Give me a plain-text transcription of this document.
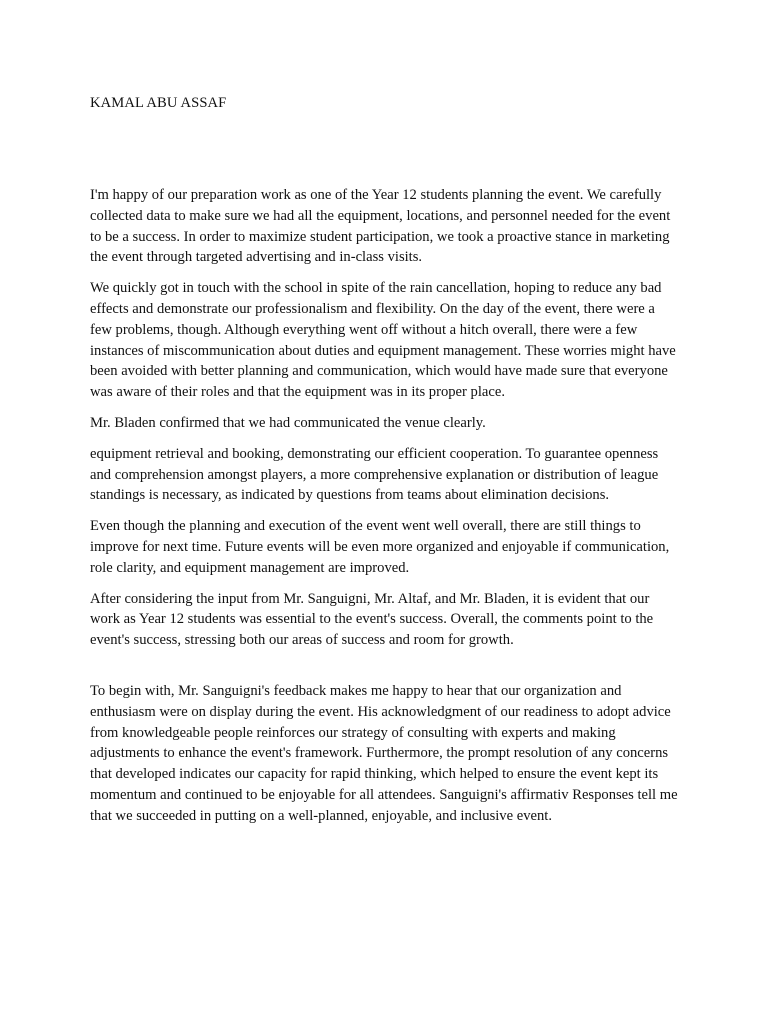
KAMAL ABU ASSAF

I'm happy of our preparation work as one of the Year 12 students planning the event. We carefully collected data to make sure we had all the equipment, locations, and personnel needed for the event to be a success. In order to maximize student participation, we took a proactive stance in marketing the event through targeted advertising and in-class visits.

We quickly got in touch with the school in spite of the rain cancellation, hoping to reduce any bad effects and demonstrate our professionalism and flexibility. On the day of the event, there were a few problems, though. Although everything went off without a hitch overall, there were a few instances of miscommunication about duties and equipment management. These worries might have been avoided with better planning and communication, which would have made sure that everyone was aware of their roles and that the equipment was in its proper place.

Mr. Bladen confirmed that we had communicated the venue clearly.

equipment retrieval and booking, demonstrating our efficient cooperation. To guarantee openness and comprehension amongst players, a more comprehensive explanation or distribution of league standings is necessary, as indicated by questions from teams about elimination decisions.

Even though the planning and execution of the event went well overall, there are still things to improve for next time. Future events will be even more organized and enjoyable if communication, role clarity, and equipment management are improved.

After considering the input from Mr. Sanguigni, Mr. Altaf, and Mr. Bladen, it is evident that our work as Year 12 students was essential to the event's success. Overall, the comments point to the event's success, stressing both our areas of success and room for growth.

To begin with, Mr. Sanguigni's feedback makes me happy to hear that our organization and enthusiasm were on display during the event. His acknowledgment of our readiness to adopt advice from knowledgeable people reinforces our strategy of consulting with experts and making adjustments to enhance the event's framework. Furthermore, the prompt resolution of any concerns that developed indicates our capacity for rapid thinking, which helped to ensure the event kept its momentum and continued to be enjoyable for all attendees. Sanguigni's affirmativ Responses tell me that we succeeded in putting on a well-planned, enjoyable, and inclusive event.
